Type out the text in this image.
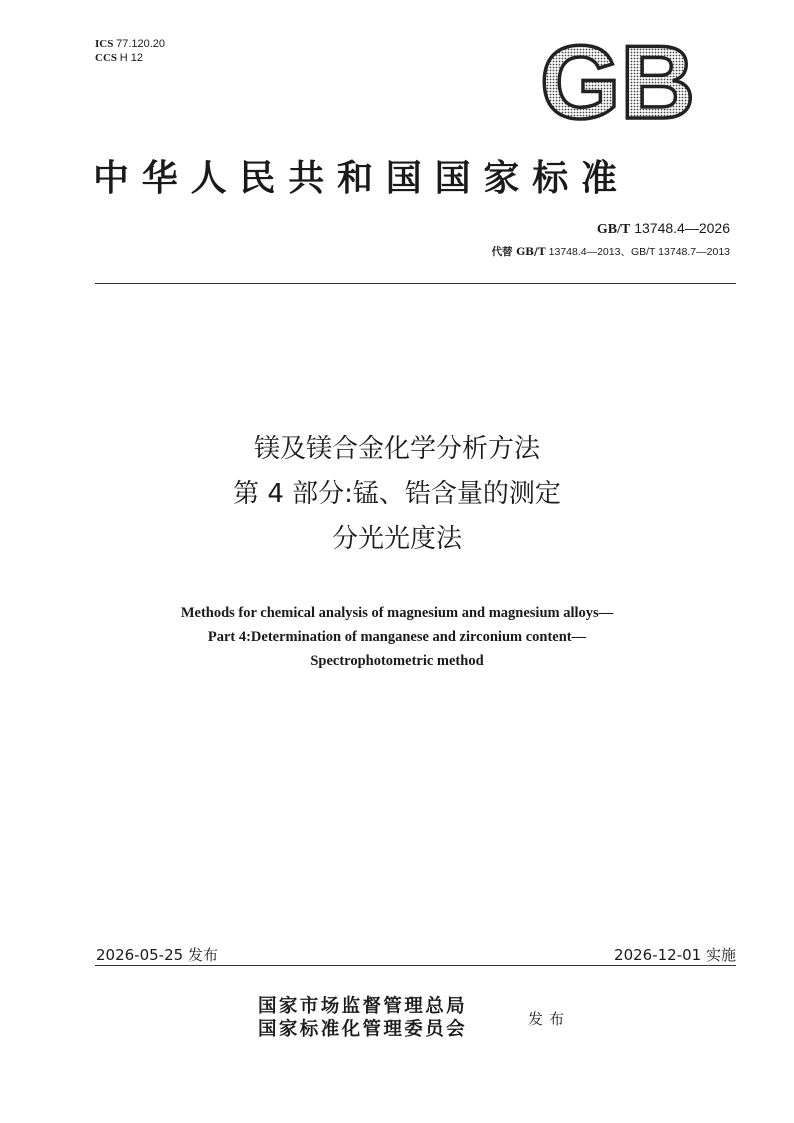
ICS 77.120.20
CCS H 12	GB
中华人民共和国国家标准
GB/T 13748.4—2026
代替 GB/T 13748.4—2013、GB/T 13748.7—2013
镁及镁合金化学分析方法
第 4 部分:锰、锆含量的测定
分光光度法
Methods for chemical analysis of magnesium and magnesium alloys—
Part 4:Determination of manganese and zirconium content—
Spectrophotometric method
2026-05-25 发布	2026-12-01 实施
国家市场监督管理总局
国家标准化管理委员会	发布
